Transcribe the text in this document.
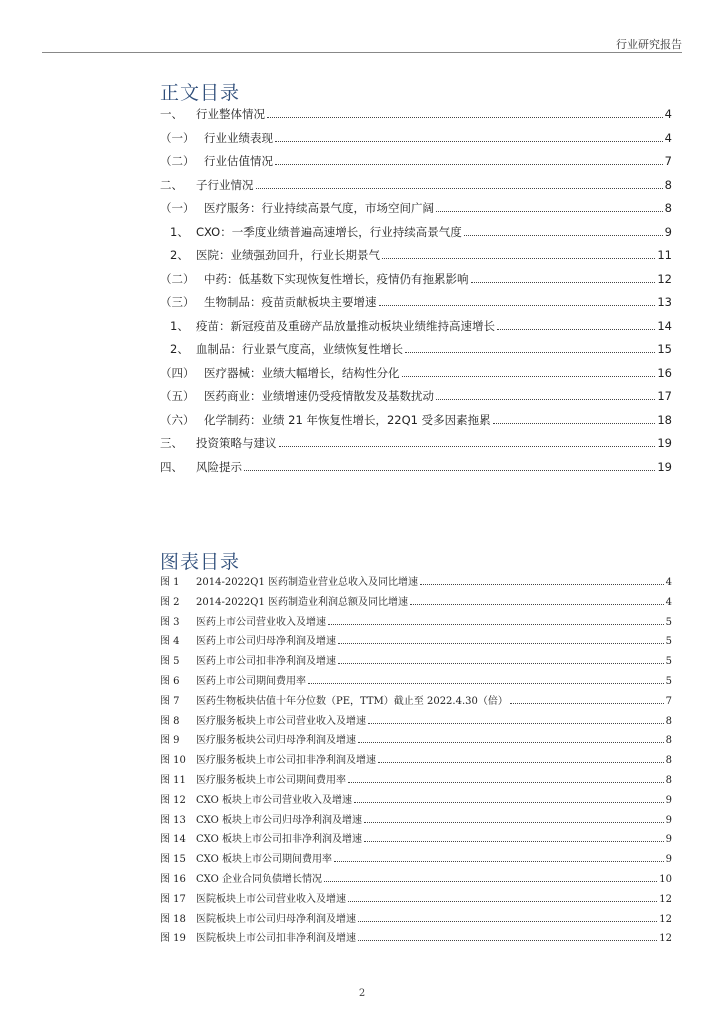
行业研究报告
正文目录
一、	行业整体情况	4
（一） 行业业绩表现	4
（二） 行业估值情况	7
二、	子行业情况	8
（一） 医疗服务：行业持续高景气度，市场空间广阔	8
1、 CXO：一季度业绩普遍高速增长，行业持续高景气度	9
2、 医院：业绩强劲回升，行业长期景气	11
（二） 中药：低基数下实现恢复性增长，疫情仍有拖累影响	12
（三） 生物制品：疫苗贡献板块主要增速	13
1、 疫苗：新冠疫苗及重磅产品放量推动板块业绩维持高速增长	14
2、 血制品：行业景气度高，业绩恢复性增长	15
（四） 医疗器械：业绩大幅增长，结构性分化	16
（五） 医药商业：业绩增速仍受疫情散发及基数扰动	17
（六） 化学制药：业绩 21 年恢复性增长，22Q1 受多因素拖累	18
三、	投资策略与建议	19
四、	风险提示	19
图表目录
图 1	2014-2022Q1 医药制造业营业总收入及同比增速	4
图 2	2014-2022Q1 医药制造业利润总额及同比增速	4
图 3	医药上市公司营业收入及增速	5
图 4	医药上市公司归母净利润及增速	5
图 5	医药上市公司扣非净利润及增速	5
图 6	医药上市公司期间费用率	5
图 7	医药生物板块估值十年分位数（PE，TTM）截止至 2022.4.30（倍）	7
图 8	医疗服务板块上市公司营业收入及增速	8
图 9	医疗服务板块公司归母净利润及增速	8
图 10	医疗服务板块上市公司扣非净利润及增速	8
图 11	医疗服务板块上市公司期间费用率	8
图 12	CXO 板块上市公司营业收入及增速	9
图 13	CXO 板块上市公司归母净利润及增速	9
图 14	CXO 板块上市公司扣非净利润及增速	9
图 15	CXO 板块上市公司期间费用率	9
图 16	CXO 企业合同负债增长情况	10
图 17	医院板块上市公司营业收入及增速	12
图 18	医院板块上市公司归母净利润及增速	12
图 19	医院板块上市公司扣非净利润及增速	12
2
